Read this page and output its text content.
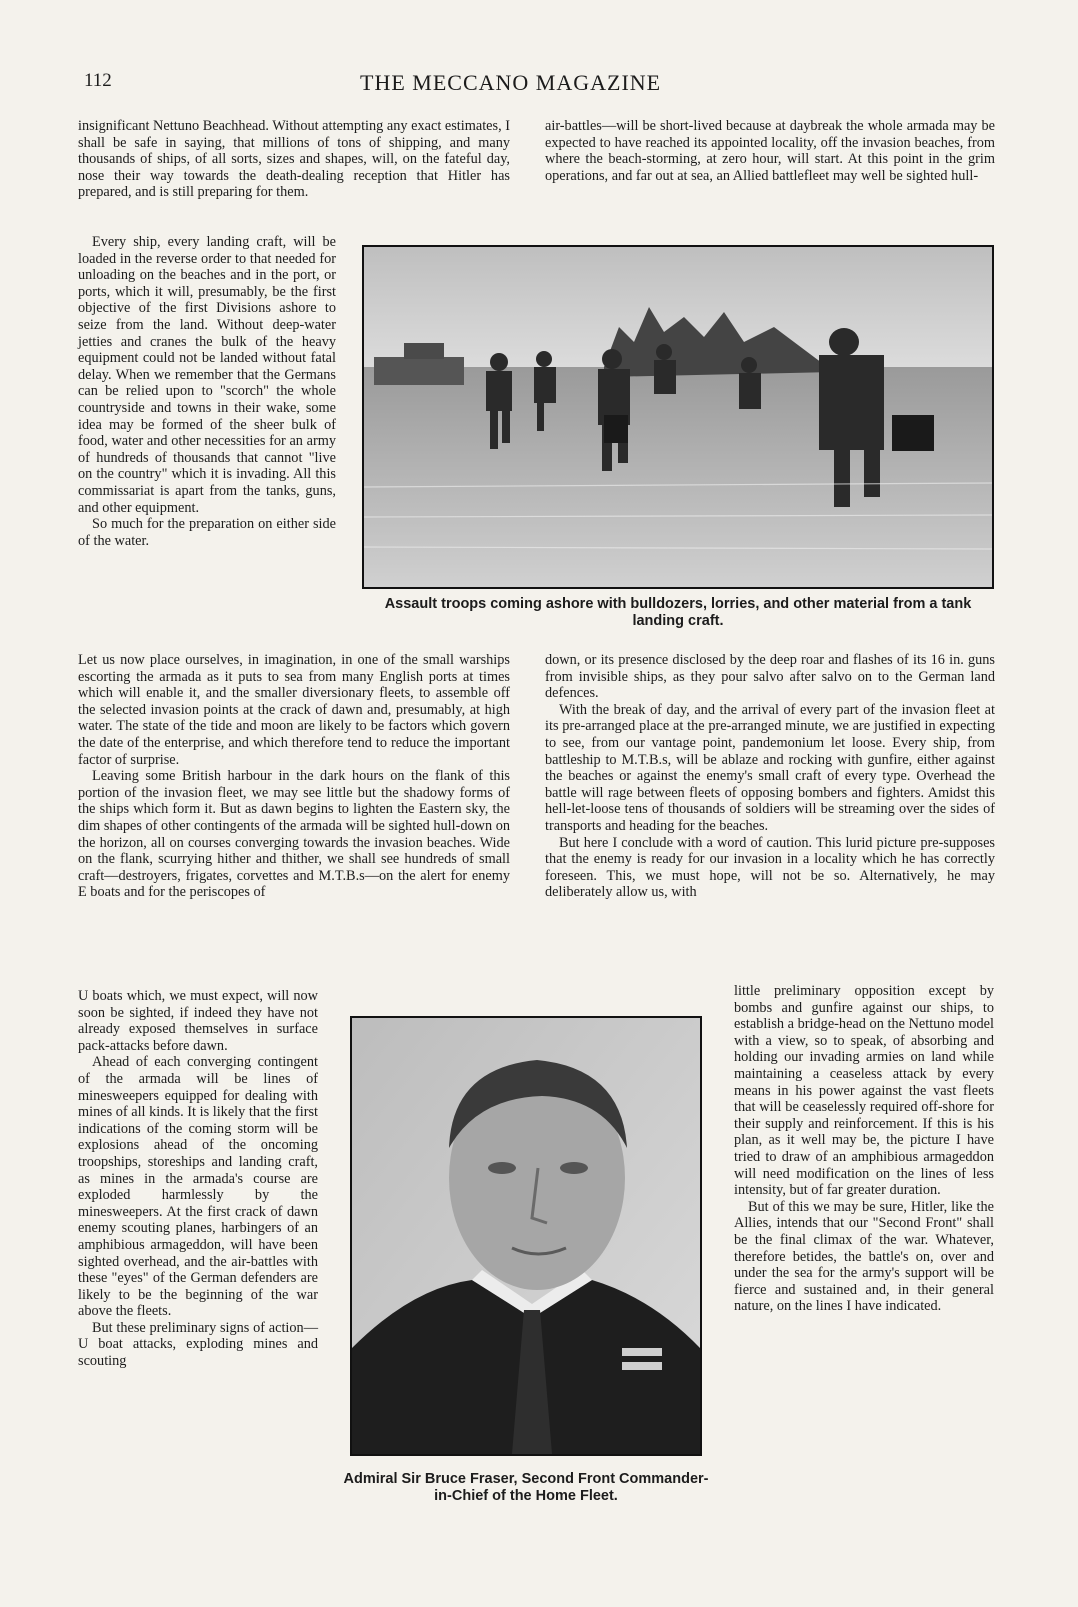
112	THE MECCANO MAGAZINE

insignificant Nettuno Beachhead. Without attempting any exact estimates, I shall be safe in saying, that millions of tons of shipping, and many thousands of ships, of all sorts, sizes and shapes, will, on the fateful day, nose their way towards the death-dealing reception that Hitler has prepared, and is still preparing for them.

Every ship, every landing craft, will be loaded in the reverse order to that needed for unloading on the beaches and in the port, or ports, which it will, presumably, be the first objective of the first Divisions ashore to seize from the land. Without deep-water jetties and cranes the bulk of the heavy equipment could not be landed without fatal delay. When we remember that the Germans can be relied upon to "scorch" the whole countryside and towns in their wake, some idea may be formed of the sheer bulk of food, water and other necessities for an army of hundreds of thousands that cannot "live on the country" which it is invading. All this commissariat is apart from the tanks, guns, and other equipment.

So much for the preparation on either side of the water.

Let us now place ourselves, in imagination, in one of the small warships escorting the armada as it puts to sea from many English ports at times which will enable it, and the smaller diversionary fleets, to assemble off the selected invasion points at the crack of dawn and, presumably, at high water. The state of the tide and moon are likely to be factors which govern the date of the enterprise, and which therefore tend to reduce the important factor of surprise.

Leaving some British harbour in the dark hours on the flank of this portion of the invasion fleet, we may see little but the shadowy forms of the ships which form it. But as dawn begins to lighten the Eastern sky, the dim shapes of other contingents of the armada will be sighted hull-down on the horizon, all on courses converging towards the invasion beaches. Wide on the flank, scurrying hither and thither, we shall see hundreds of small craft—destroyers, frigates, corvettes and M.T.B.s—on the alert for enemy E boats and for the periscopes of

U boats which, we must expect, will now soon be sighted, if indeed they have not already exposed themselves in surface pack-attacks before dawn.

Ahead of each converging contingent of the armada will be lines of minesweepers equipped for dealing with mines of all kinds. It is likely that the first indications of the coming storm will be explosions ahead of the oncoming troopships, storeships and landing craft, as mines in the armada's course are exploded harmlessly by the minesweepers. At the first crack of dawn enemy scouting planes, harbingers of an amphibious armageddon, will have been sighted overhead, and the air-battles with these "eyes" of the German defenders are likely to be the beginning of the war above the fleets.

But these preliminary signs of action—U boat attacks, exploding mines and scouting

air-battles—will be short-lived because at daybreak the whole armada may be expected to have reached its appointed locality, off the invasion beaches, from where the beach-storming, at zero hour, will start. At this point in the grim operations, and far out at sea, an Allied battlefleet may well be sighted hull-

Assault troops coming ashore with bulldozers, lorries, and other material from a tank landing craft.

down, or its presence disclosed by the deep roar and flashes of its 16 in. guns from invisible ships, as they pour salvo after salvo on to the German land defences.

With the break of day, and the arrival of every part of the invasion fleet at its pre-arranged place at the pre-arranged minute, we are justified in expecting to see, from our vantage point, pandemonium let loose. Every ship, from battleship to M.T.B.s, will be ablaze and rocking with gunfire, either against the beaches or against the enemy's small craft of every type. Overhead the battle will rage between fleets of opposing bombers and fighters. Amidst this hell-let-loose tens of thousands of soldiers will be streaming over the sides of transports and heading for the beaches.

But here I conclude with a word of caution. This lurid picture pre-supposes that the enemy is ready for our invasion in a locality which he has correctly foreseen. This, we must hope, will not be so. Alternatively, he may deliberately allow us, with

Admiral Sir Bruce Fraser, Second Front Commander-in-Chief of the Home Fleet.

little preliminary opposition except by bombs and gunfire against our ships, to establish a bridge-head on the Nettuno model with a view, so to speak, of absorbing and holding our invading armies on land while maintaining a ceaseless attack by every means in his power against the vast fleets that will be ceaselessly required off-shore for their supply and reinforcement. If this is his plan, as it well may be, the picture I have tried to draw of an amphibious armageddon will need modification on the lines of less intensity, but of far greater duration.

But of this we may be sure, Hitler, like the Allies, intends that our "Second Front" shall be the final climax of the war. Whatever, therefore betides, the battle's on, over and under the sea for the army's support will be fierce and sustained and, in their general nature, on the lines I have indicated.
